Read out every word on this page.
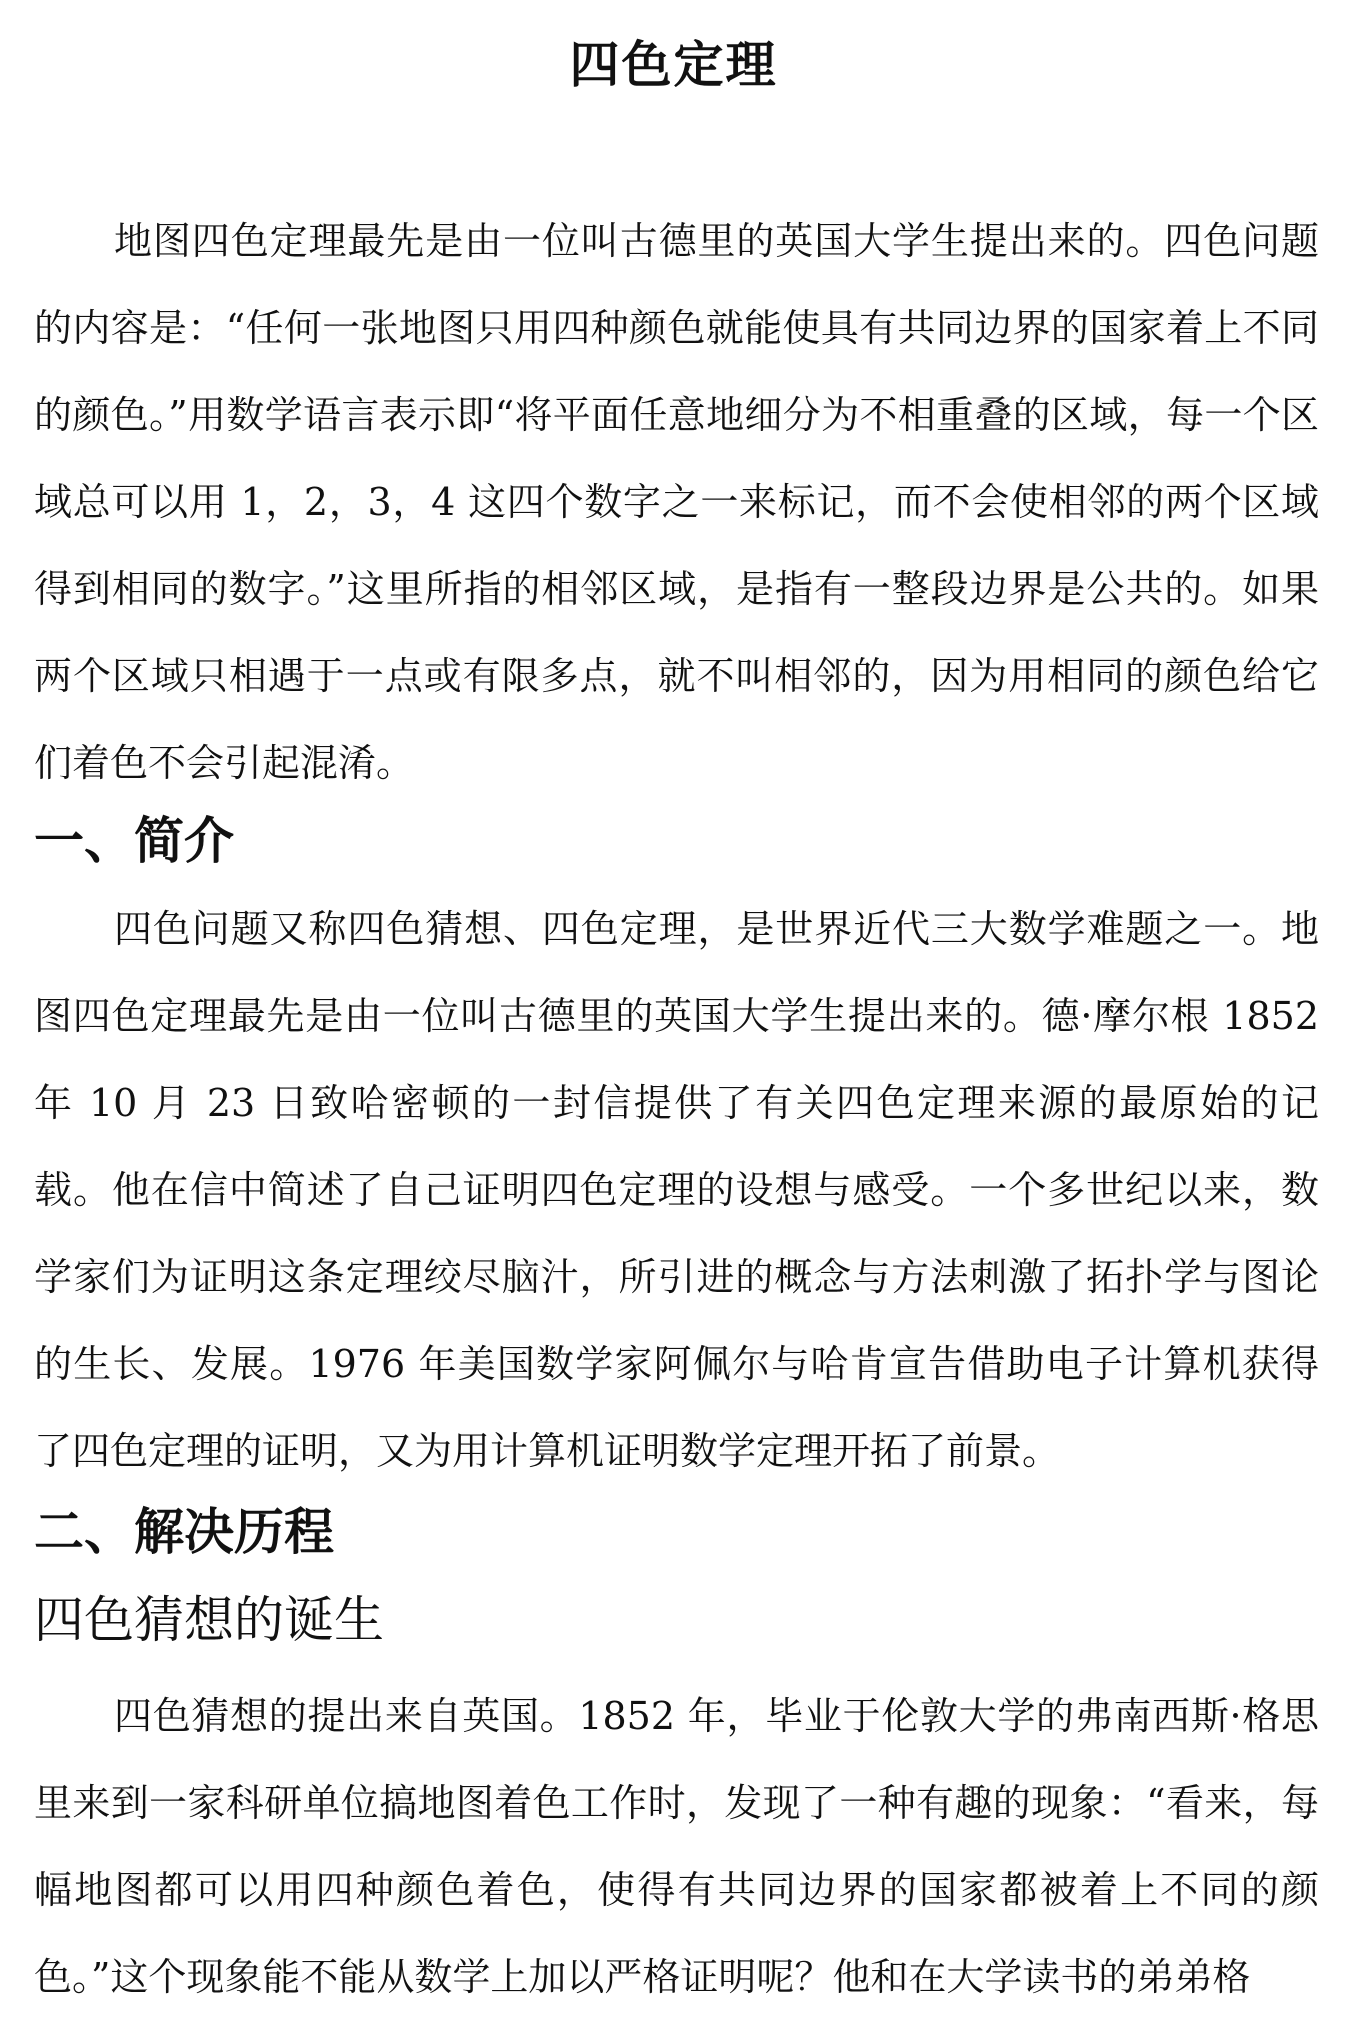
四色定理

地图四色定理最先是由一位叫古德里的英国大学生提出来的。四色问题的内容是：“任何一张地图只用四种颜色就能使具有共同边界的国家着上不同的颜色。”用数学语言表示即“将平面任意地细分为不相重叠的区域，每一个区域总可以用 1，2，3，4 这四个数字之一来标记，而不会使相邻的两个区域得到相同的数字。”这里所指的相邻区域，是指有一整段边界是公共的。如果两个区域只相遇于一点或有限多点，就不叫相邻的，因为用相同的颜色给它们着色不会引起混淆。

一、简介

四色问题又称四色猜想、四色定理，是世界近代三大数学难题之一。地图四色定理最先是由一位叫古德里的英国大学生提出来的。德·摩尔根 1852 年 10 月 23 日致哈密顿的一封信提供了有关四色定理来源的最原始的记载。他在信中简述了自己证明四色定理的设想与感受。一个多世纪以来，数学家们为证明这条定理绞尽脑汁，所引进的概念与方法刺激了拓扑学与图论的生长、发展。1976 年美国数学家阿佩尔与哈肯宣告借助电子计算机获得了四色定理的证明，又为用计算机证明数学定理开拓了前景。

二、解决历程
四色猜想的诞生

四色猜想的提出来自英国。1852 年，毕业于伦敦大学的弗南西斯·格思里来到一家科研单位搞地图着色工作时，发现了一种有趣的现象：“看来，每幅地图都可以用四种颜色着色，使得有共同边界的国家都被着上不同的颜色。”这个现象能不能从数学上加以严格证明呢？他和在大学读书的弟弟格
